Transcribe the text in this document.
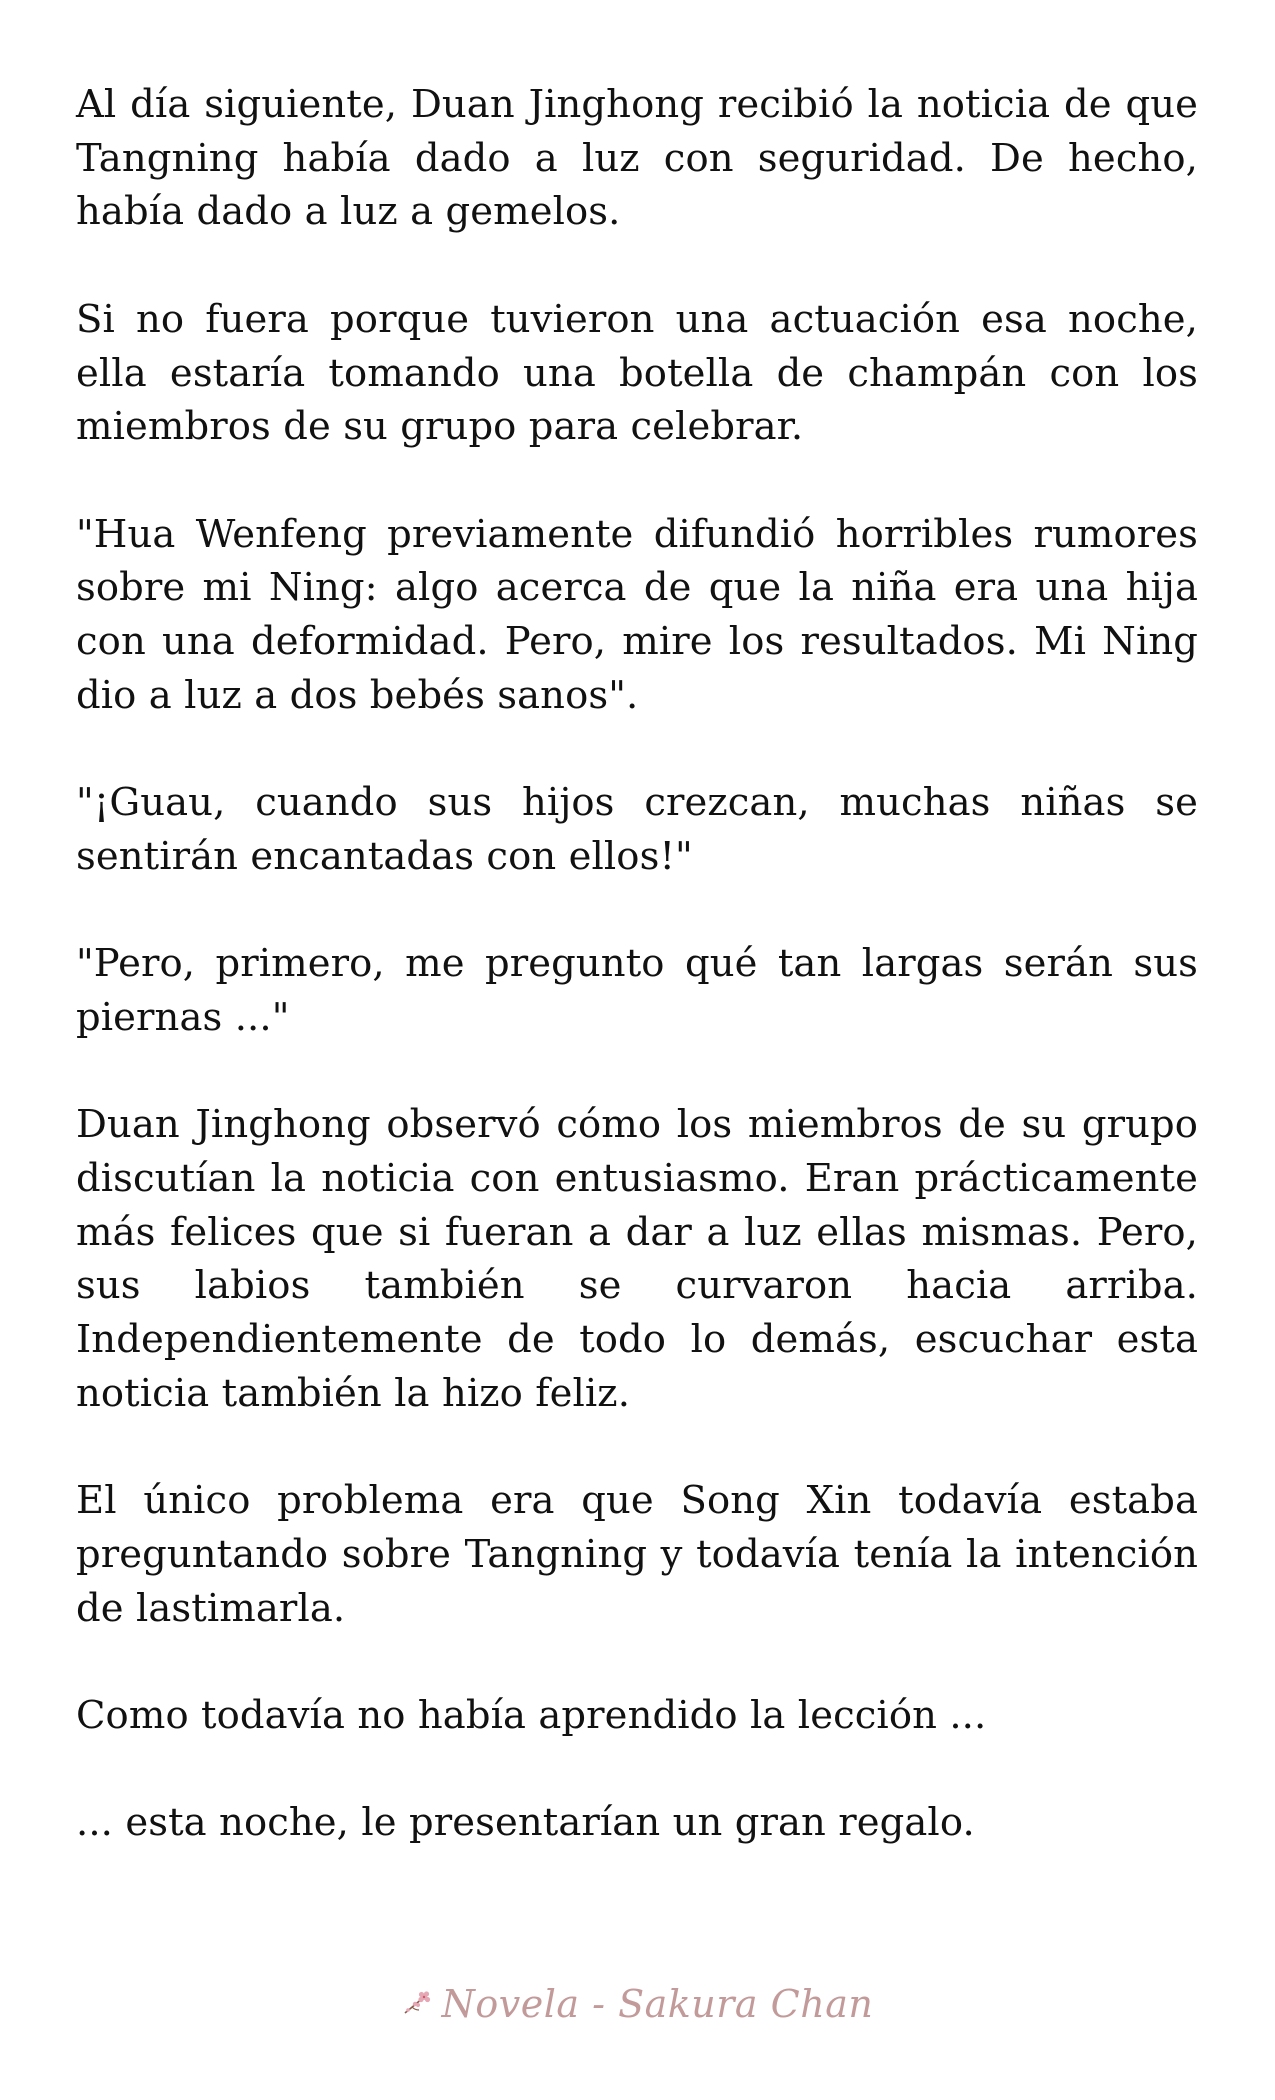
Al día siguiente, Duan Jinghong recibió la noticia de que Tangning había dado a luz con seguridad. De hecho, había dado a luz a gemelos.

Si no fuera porque tuvieron una actuación esa noche, ella estaría tomando una botella de champán con los miembros de su grupo para celebrar.

"Hua Wenfeng previamente difundió horribles rumores sobre mi Ning: algo acerca de que la niña era una hija con una deformidad. Pero, mire los resultados. Mi Ning dio a luz a dos bebés sanos".

"¡Guau, cuando sus hijos crezcan, muchas niñas se sentirán encantadas con ellos!"

"Pero, primero, me pregunto qué tan largas serán sus piernas ..."

Duan Jinghong observó cómo los miembros de su grupo discutían la noticia con entusiasmo. Eran prácticamente más felices que si fueran a dar a luz ellas mismas. Pero, sus labios también se curvaron hacia arriba. Independientemente de todo lo demás, escuchar esta noticia también la hizo feliz.

El único problema era que Song Xin todavía estaba preguntando sobre Tangning y todavía tenía la intención de lastimarla.

Como todavía no había aprendido la lección ...

... esta noche, le presentarían un gran regalo.

Novela - Sakura Chan
